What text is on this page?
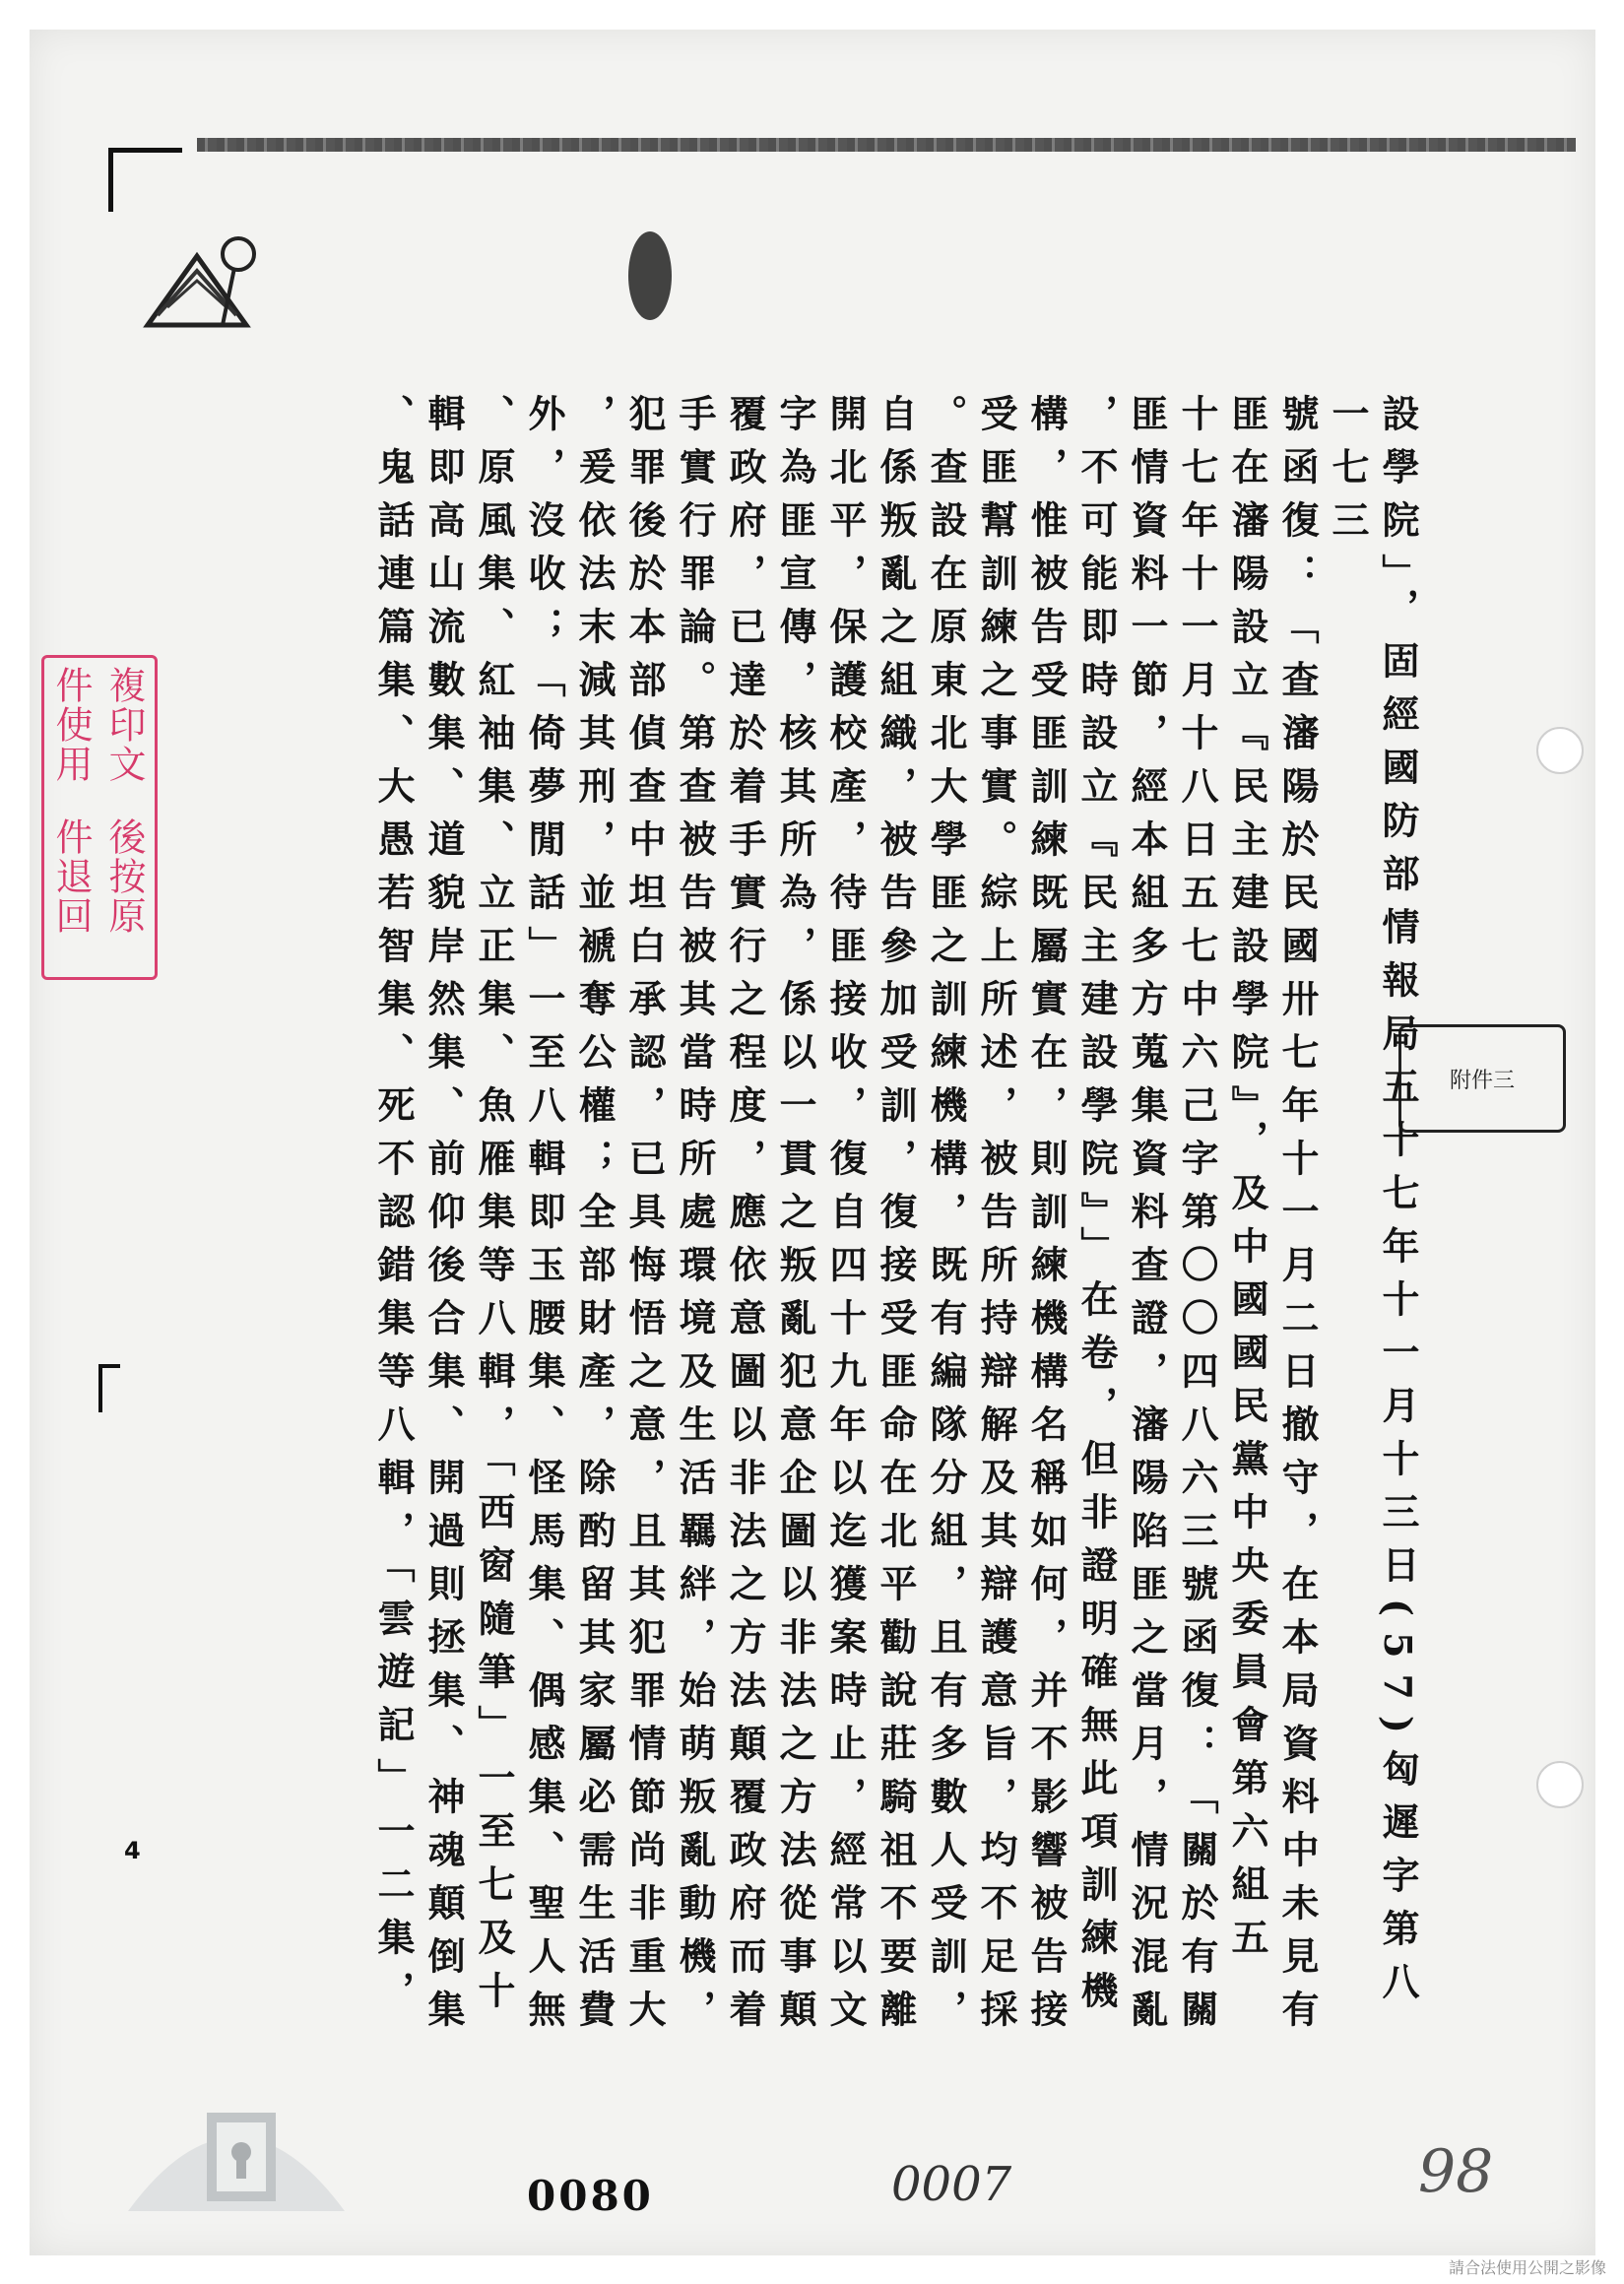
複印文件使用
後按原件退回
附件三
設學院」，固經國防部情報局五十七年十一月十三日(57)匈遲字第八一七三
號函復：「查瀋陽於民國卅七年十一月二日撤守，在本局資料中未見有
匪在瀋陽設立『民主建設學院』，及中國國民黨中央委員會第六組五
十七年十一月十八日五七中六己字第〇〇四八六三號函復：「關於有關
匪情資料一節，經本組多方蒐集資料查證，瀋陽陷匪之當月，情況混亂
，不可能即時設立『民主建設學院』」在卷，但非證明確無此項訓練機
構，惟被告受匪訓練既屬實在，則訓練機構名稱如何，并不影響被告接
受匪幫訓練之事實。綜上所述，被告所持辯解及其辯護意旨，均不足採
。查設在原東北大學匪之訓練機構，既有編隊分組，且有多數人受訓，
自係叛亂之組織，被告參加受訓，復接受匪命在北平勸說莊騎祖不要離
開北平，保護校產，待匪接收，復自四十九年以迄獲案時止，經常以文
字為匪宣傳，核其所為，係以一貫之叛亂犯意企圖以非法之方法從事顛
覆政府，已達於着手實行之程度，應依意圖以非法之方法顛覆政府而着
手實行罪論。第查被告被其當時所處環境及生活羈絆，始萌叛亂動機，
犯罪後於本部偵查中坦白承認，已具悔悟之意，且其犯罪情節尚非重大
，爰依法末減其刑，並褫奪公權；全部財產，除酌留其家屬必需生活費
外，沒收；「倚夢閒話」一至八輯即玉腰集、怪馬集、偶感集、聖人無
、原風集、紅袖集、立正集、魚雁集等八輯，「西窗隨筆」一至七及十
輯即高山流數集、道貌岸然集、前仰後合集、開過則拯集、神魂顛倒集
、鬼話連篇集、大愚若智集、死不認錯集等八輯，「雲遊記」一二集，
4
0080	0007	98
請合法使用公開之影像
